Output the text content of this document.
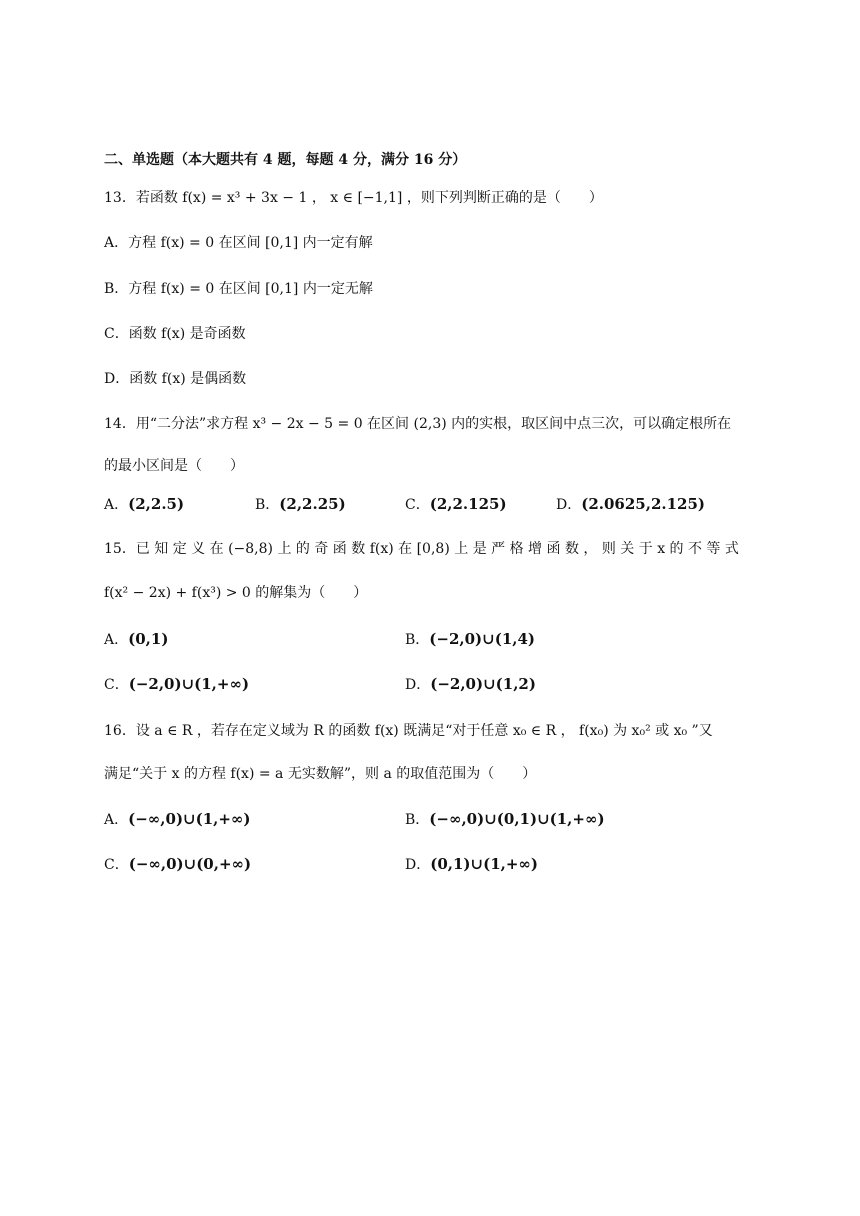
二、单选题（本大题共有 4 题，每题 4 分，满分 16 分）
13．若函数 f(x) = x³ + 3x − 1 ， x ∈ [−1,1] ，则下列判断正确的是（　　）
A．方程 f(x) = 0 在区间 [0,1] 内一定有解
B．方程 f(x) = 0 在区间 [0,1] 内一定无解
C．函数 f(x) 是奇函数
D．函数 f(x) 是偶函数
14．用“二分法”求方程 x³ − 2x − 5 = 0 在区间 (2,3) 内的实根，取区间中点三次，可以确定根所在
的最小区间是（　　）
A．(2,2.5)	B．(2,2.25)	C．(2,2.125)	D．(2.0625,2.125)
15．已 知 定 义 在 (−8,8) 上 的 奇 函 数 f(x) 在 [0,8) 上 是 严 格 增 函 数 ， 则 关 于 x 的 不 等 式
f(x² − 2x) + f(x³) > 0 的解集为（　　）
A．(0,1)	B．(−2,0)∪(1,4)
C．(−2,0)∪(1,+∞)	D．(−2,0)∪(1,2)
16．设 a ∈ R ，若存在定义域为 R 的函数 f(x) 既满足“对于任意 x₀ ∈ R ， f(x₀) 为 x₀² 或 x₀ ”又
满足“关于 x 的方程 f(x) = a 无实数解”，则 a 的取值范围为（　　）
A．(−∞,0)∪(1,+∞)	B．(−∞,0)∪(0,1)∪(1,+∞)
C．(−∞,0)∪(0,+∞)	D．(0,1)∪(1,+∞)
